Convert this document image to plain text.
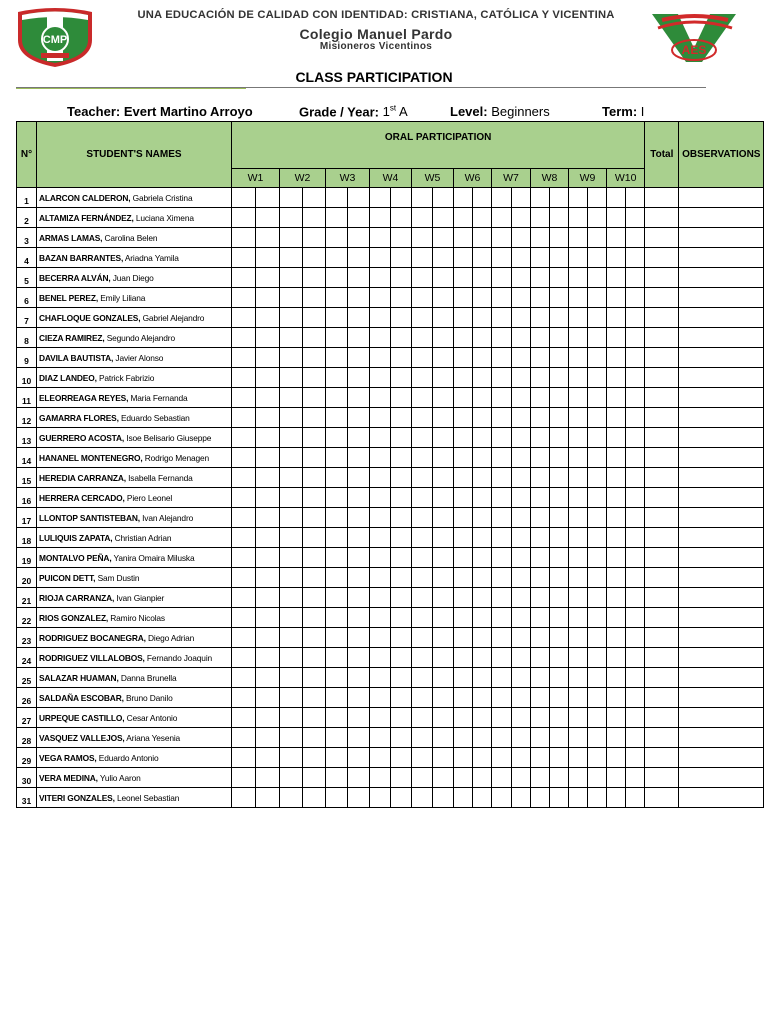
CMP
UNA EDUCACIÓN DE CALIDAD CON IDENTIDAD: CRISTIANA, CATÓLICA Y VICENTINA
Colegio Manuel Pardo
Misioneros Vicentinos	AES
CLASS PARTICIPATION
Teacher: Evert Martino Arroyo	Grade / Year: 1st A	Level: Beginners	Term: I
N°	STUDENT'S NAMES	ORAL PARTICIPATION																				Total	OBSERVATIONS
		W1		W2		W3		W4		W5		W6		W7		W8		W9		W10			
1	ALARCON CALDERON, Gabriela Cristina																						
2	ALTAMIZA FERNÁNDEZ, Luciana Ximena																						
3	ARMAS LAMAS, Carolina Belen																						
4	BAZAN BARRANTES, Ariadna Yamila																						
5	BECERRA ALVÁN, Juan Diego																						
6	BENEL PEREZ, Emily Liliana																						
7	CHAFLOQUE GONZALES, Gabriel Alejandro																						
8	CIEZA RAMIREZ, Segundo Alejandro																						
9	DAVILA BAUTISTA, Javier Alonso																						
10	DIAZ LANDEO, Patrick Fabrizio																						
11	ELEORREAGA REYES, Maria Fernanda																						
12	GAMARRA FLORES, Eduardo Sebastian																						
13	GUERRERO ACOSTA, Isoe Belisario Giuseppe																						
14	HANANEL MONTENEGRO, Rodrigo Menagen																						
15	HEREDIA CARRANZA, Isabella Fernanda																						
16	HERRERA CERCADO, Piero Leonel																						
17	LLONTOP SANTISTEBAN, Ivan Alejandro																						
18	LULIQUIS ZAPATA, Christian Adrian																						
19	MONTALVO PEÑA, Yanira Omaira Miluska																						
20	PUICON DETT, Sam Dustin																						
21	RIOJA CARRANZA, Ivan Gianpier																						
22	RIOS GONZALEZ, Ramiro Nicolas																						
23	RODRIGUEZ BOCANEGRA, Diego Adrian																						
24	RODRIGUEZ VILLALOBOS, Fernando Joaquin																						
25	SALAZAR HUAMAN, Danna Brunella																						
26	SALDAÑA ESCOBAR, Bruno Danilo																						
27	URPEQUE CASTILLO, Cesar Antonio																						
28	VASQUEZ VALLEJOS, Ariana Yesenia																						
29	VEGA RAMOS, Eduardo Antonio																						
30	VERA MEDINA, Yulio Aaron																						
31	VITERI GONZALES, Leonel Sebastian																						
